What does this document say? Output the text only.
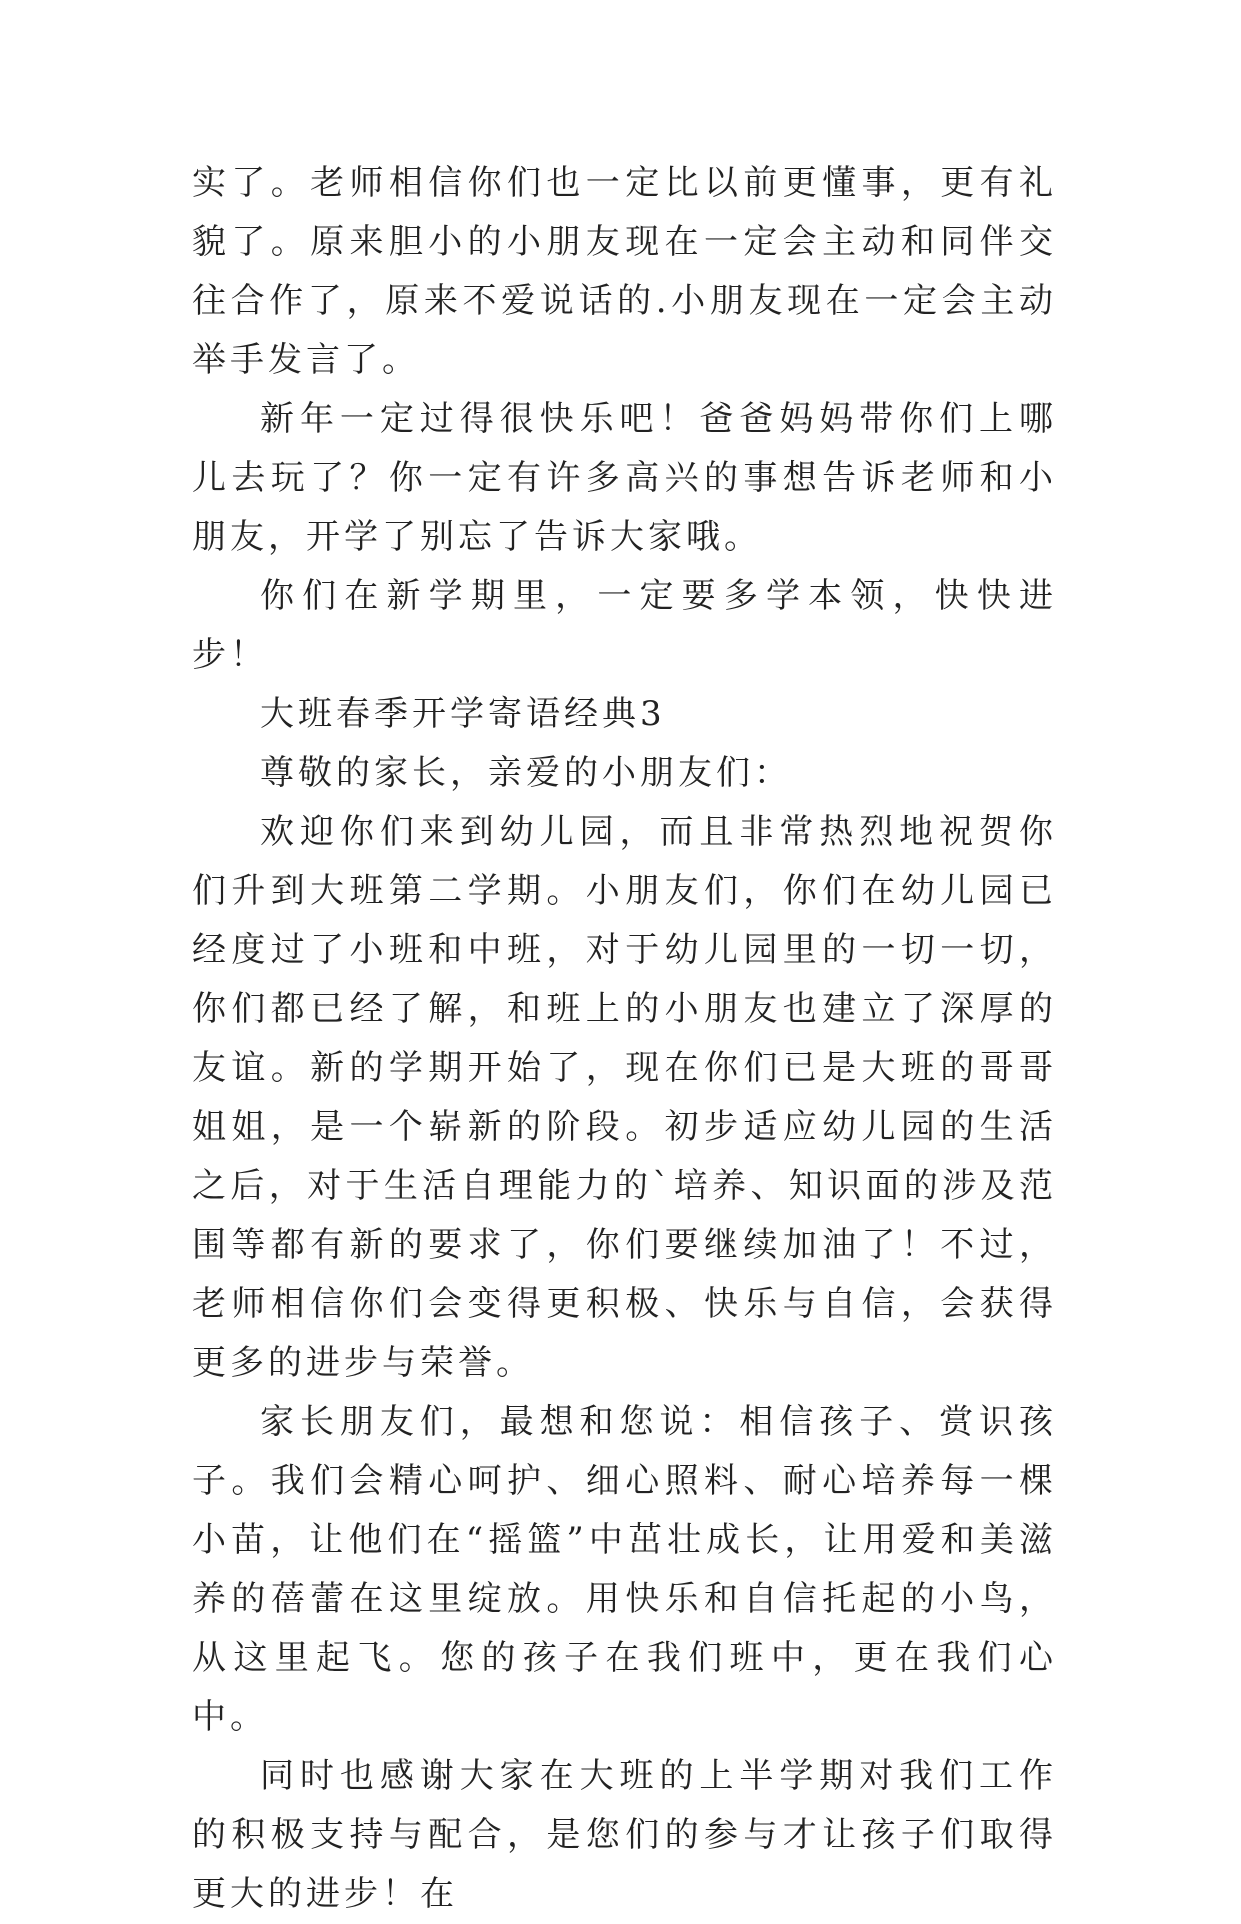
实了。老师相信你们也一定比以前更懂事，更有礼貌了。原来胆小的小朋友现在一定会主动和同伴交往合作了，原来不爱说话的.小朋友现在一定会主动举手发言了。

新年一定过得很快乐吧！爸爸妈妈带你们上哪儿去玩了？你一定有许多高兴的事想告诉老师和小朋友，开学了别忘了告诉大家哦。

你们在新学期里，一定要多学本领，快快进步！

大班春季开学寄语经典3

尊敬的家长，亲爱的小朋友们：

欢迎你们来到幼儿园，而且非常热烈地祝贺你们升到大班第二学期。小朋友们，你们在幼儿园已经度过了小班和中班，对于幼儿园里的一切一切，你们都已经了解，和班上的小朋友也建立了深厚的友谊。新的学期开始了，现在你们已是大班的哥哥姐姐，是一个崭新的阶段。初步适应幼儿园的生活之后，对于生活自理能力的`培养、知识面的涉及范围等都有新的要求了，你们要继续加油了！不过，老师相信你们会变得更积极、快乐与自信，会获得更多的进步与荣誉。

家长朋友们，最想和您说：相信孩子、赏识孩子。我们会精心呵护、细心照料、耐心培养每一棵小苗，让他们在“摇篮”中茁壮成长，让用爱和美滋养的蓓蕾在这里绽放。用快乐和自信托起的小鸟，从这里起飞。您的孩子在我们班中，更在我们心中。

同时也感谢大家在大班的上半学期对我们工作的积极支持与配合，是您们的参与才让孩子们取得更大的进步！在
